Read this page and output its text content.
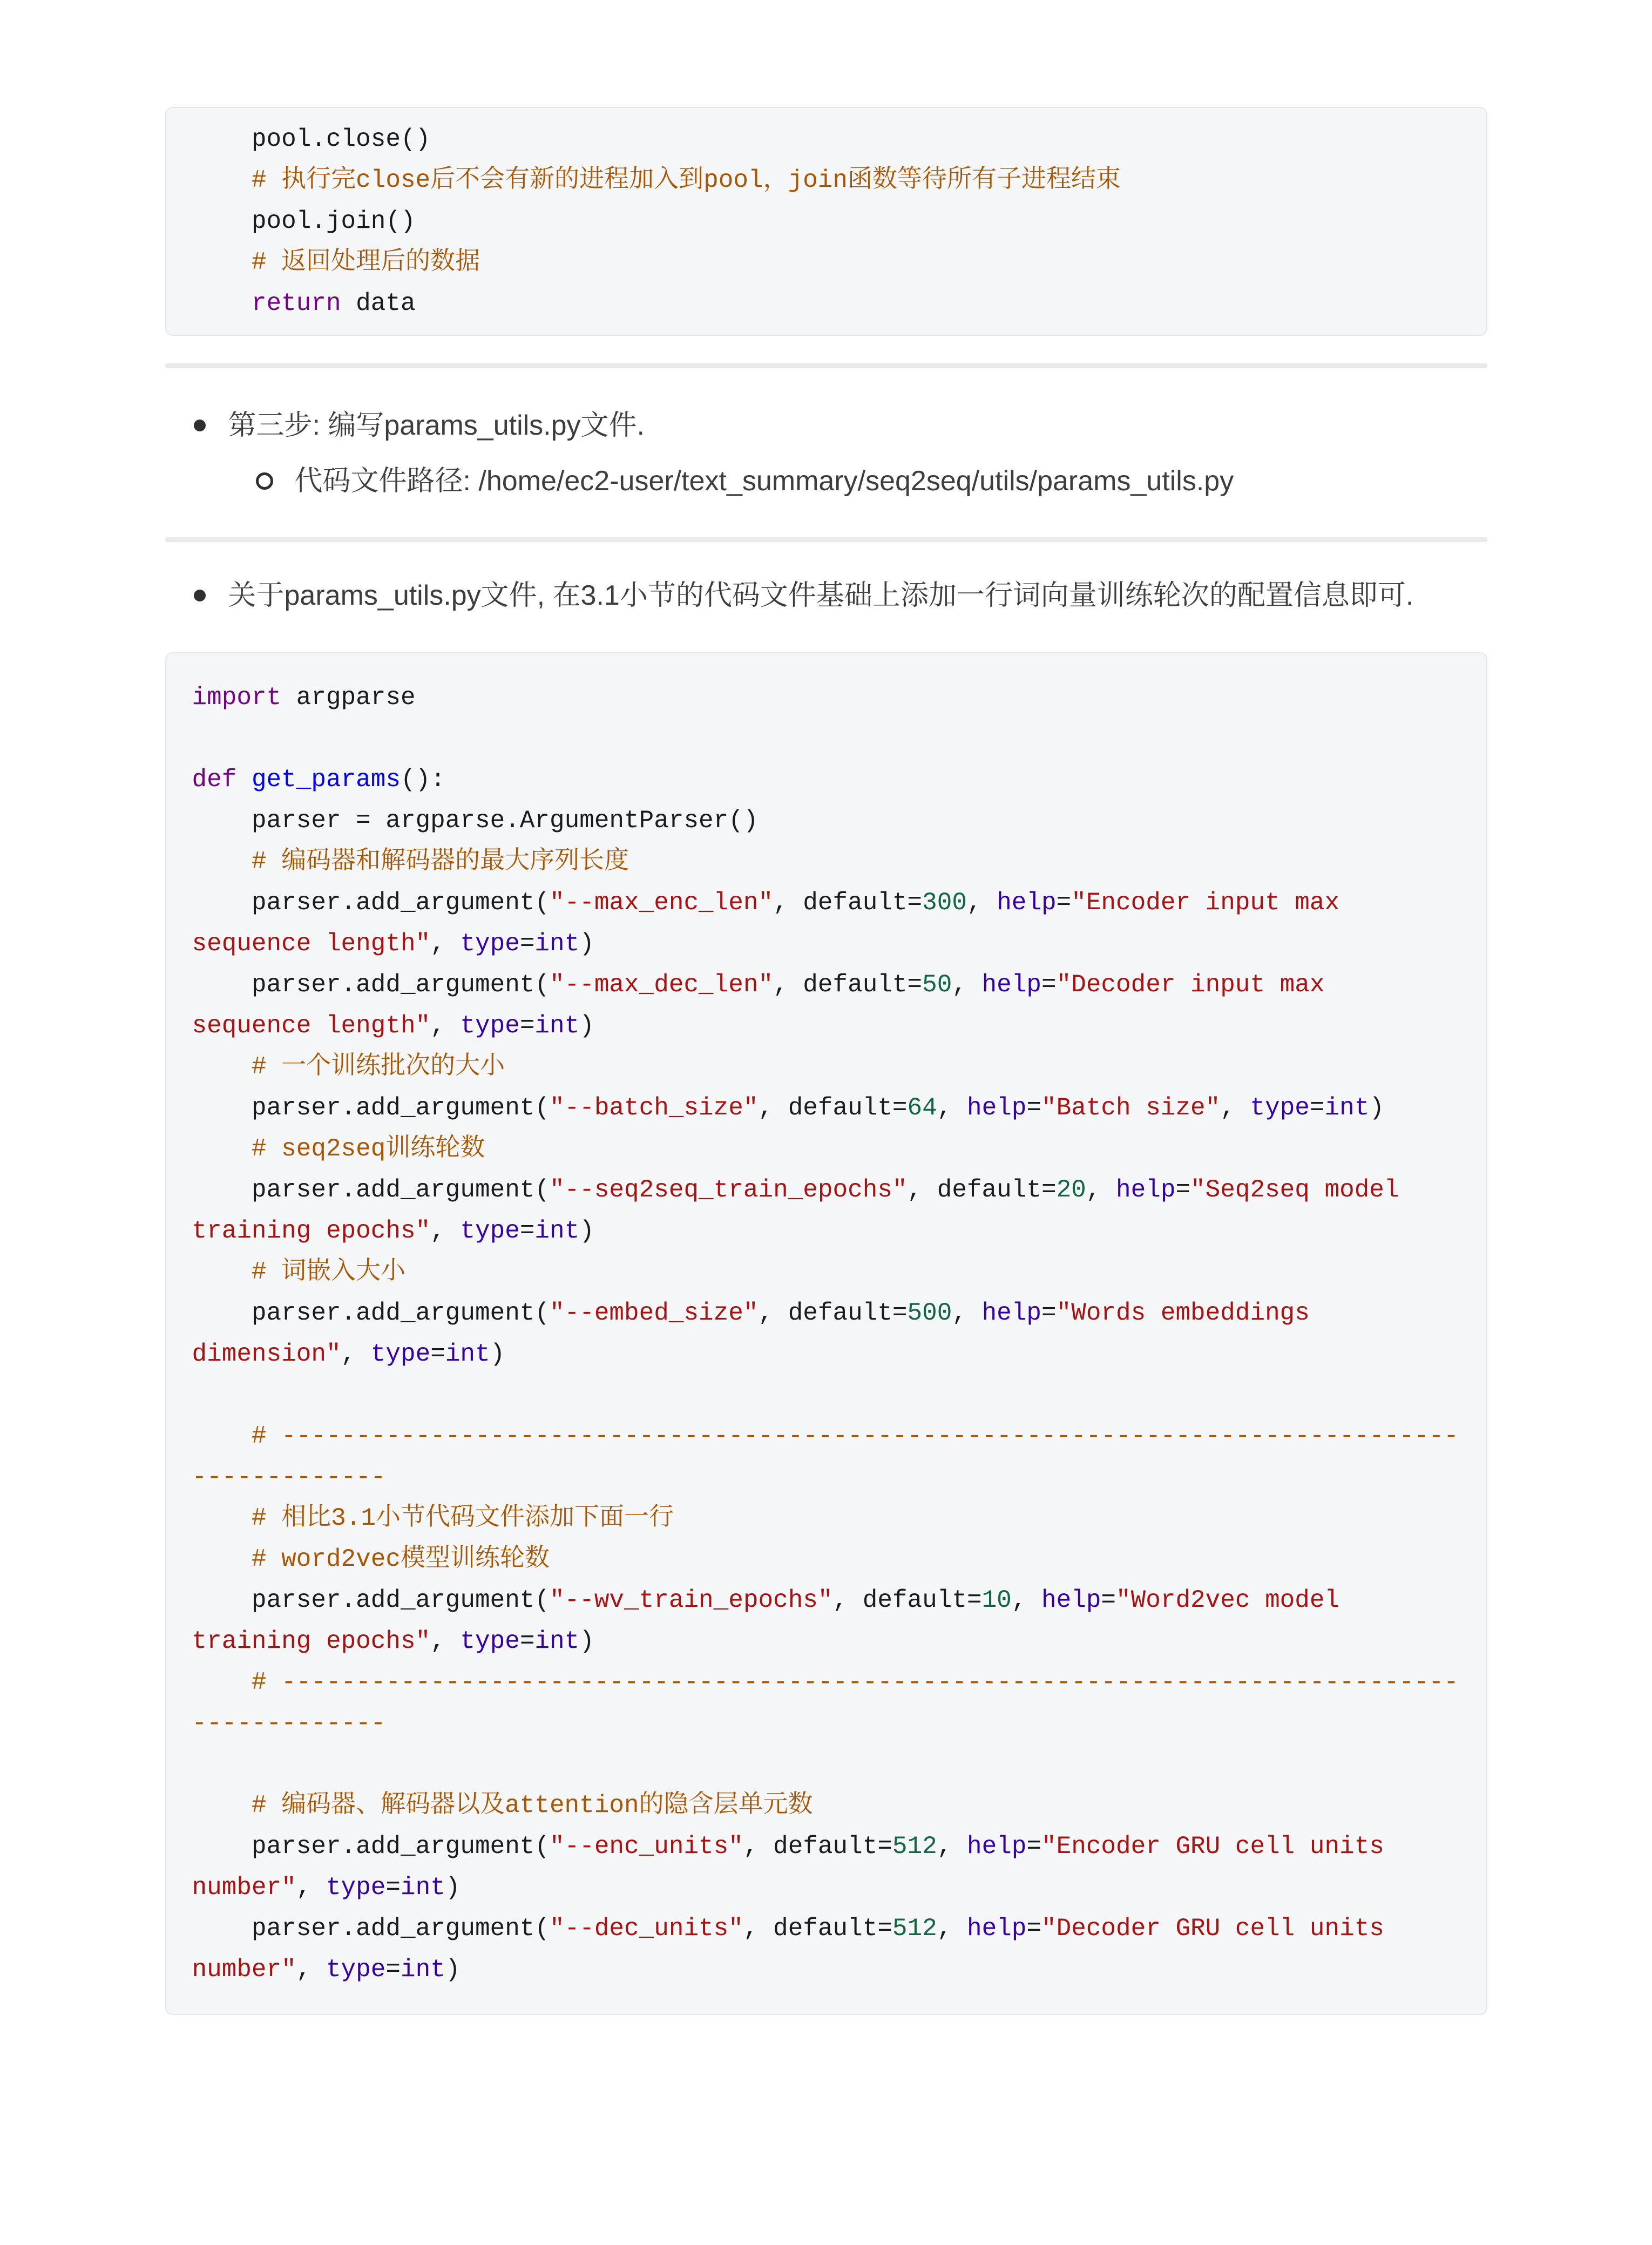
pool.close()
# 执行完close后不会有新的进程加入到pool，join函数等待所有子进程结束
pool.join()
# 返回处理后的数据
return data
第三步: 编写params_utils.py文件.
代码文件路径: /home/ec2-user/text_summary/seq2seq/utils/params_utils.py
关于params_utils.py文件, 在3.1小节的代码文件基础上添加一行词向量训练轮次的配置信息即可.
import argparse

def get_params():
parser = argparse.ArgumentParser()
# 编码器和解码器的最大序列长度
parser.add_argument("--max_enc_len", default=300, help="Encoder input max
sequence length", type=int)
parser.add_argument("--max_dec_len", default=50, help="Decoder input max
sequence length", type=int)
# 一个训练批次的大小
parser.add_argument("--batch_size", default=64, help="Batch size", type=int)
# seq2seq训练轮数
parser.add_argument("--seq2seq_train_epochs", default=20, help="Seq2seq model
training epochs", type=int)
# 词嵌入大小
parser.add_argument("--embed_size", default=500, help="Words embeddings
dimension", type=int)

# -------------------------------------------------------------------------------
-------------
# 相比3.1小节代码文件添加下面一行
# word2vec模型训练轮数
parser.add_argument("--wv_train_epochs", default=10, help="Word2vec model
training epochs", type=int)
# -------------------------------------------------------------------------------
-------------

# 编码器、解码器以及attention的隐含层单元数
parser.add_argument("--enc_units", default=512, help="Encoder GRU cell units
number", type=int)
parser.add_argument("--dec_units", default=512, help="Decoder GRU cell units
number", type=int)
